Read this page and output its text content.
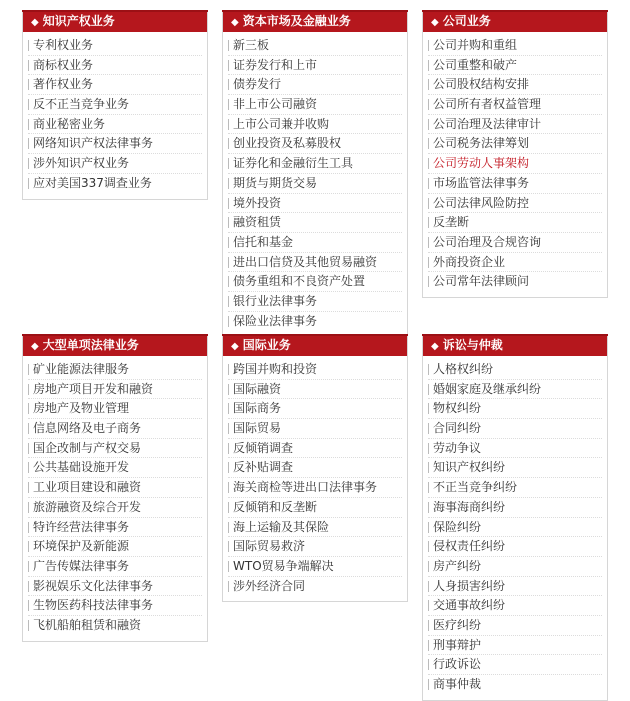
◆ 知识产权业务
专利权业务
商标权业务
著作权业务
反不正当竞争业务
商业秘密业务
网络知识产权法律事务
涉外知识产权业务
应对美国337调查业务
◆ 资本市场及金融业务
新三板
证券发行和上市
债券发行
非上市公司融资
上市公司兼并收购
创业投资及私募股权
证券化和金融衍生工具
期货与期货交易
境外投资
融资租赁
信托和基金
进出口信贷及其他贸易融资
债务重组和不良资产处置
银行业法律事务
保险业法律事务
◆ 公司业务
公司并购和重组
公司重整和破产
公司股权结构安排
公司所有者权益管理
公司治理及法律审计
公司税务法律筹划
公司劳动人事架构
市场监管法律事务
公司法律风险防控
反垄断
公司治理及合规咨询
外商投资企业
公司常年法律顾问
◆ 大型单项法律业务
矿业能源法律服务
房地产项目开发和融资
房地产及物业管理
信息网络及电子商务
国企改制与产权交易
公共基础设施开发
工业项目建设和融资
旅游融资及综合开发
特许经营法律事务
环境保护及新能源
广告传媒法律事务
影视娱乐文化法律事务
生物医药科技法律事务
飞机船舶租赁和融资
◆ 国际业务
跨国并购和投资
国际融资
国际商务
国际贸易
反倾销调查
反补贴调查
海关商检等进出口法律事务
反倾销和反垄断
海上运输及其保险
国际贸易救济
WTO贸易争端解决
涉外经济合同
◆ 诉讼与仲裁
人格权纠纷
婚姻家庭及继承纠纷
物权纠纷
合同纠纷
劳动争议
知识产权纠纷
不正当竞争纠纷
海事海商纠纷
保险纠纷
侵权责任纠纷
房产纠纷
人身损害纠纷
交通事故纠纷
医疗纠纷
刑事辩护
行政诉讼
商事仲裁
